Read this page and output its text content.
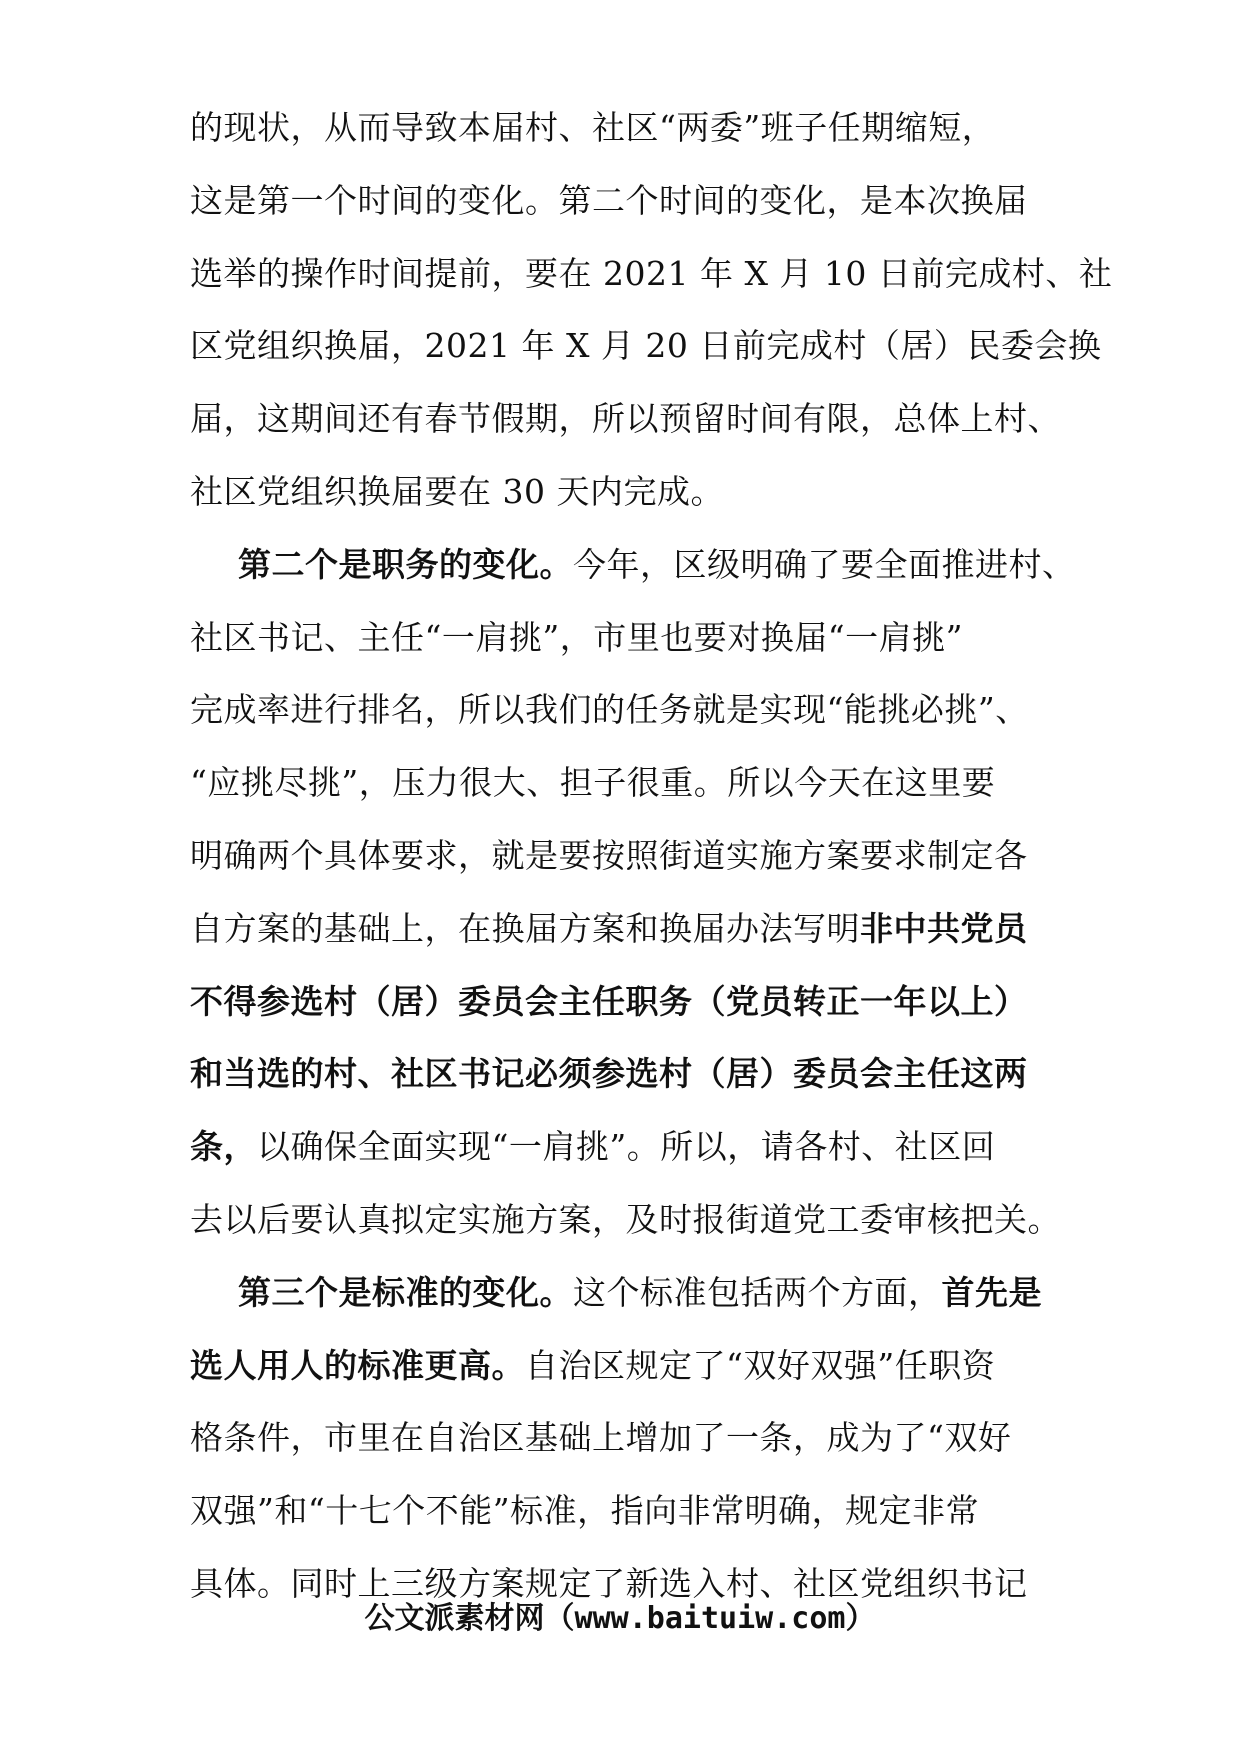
的现状，从而导致本届村、社区“两委”班子任期缩短，
这是第一个时间的变化。第二个时间的变化，是本次换届
选举的操作时间提前，要在 2021 年 X 月 10 日前完成村、社
区党组织换届，2021 年 X 月 20 日前完成村（居）民委会换
届，这期间还有春节假期，所以预留时间有限，总体上村、
社区党组织换届要在 30 天内完成。
第二个是职务的变化。今年，区级明确了要全面推进村、
社区书记、主任“一肩挑”，市里也要对换届“一肩挑”
完成率进行排名，所以我们的任务就是实现“能挑必挑”、
“应挑尽挑”，压力很大、担子很重。所以今天在这里要
明确两个具体要求，就是要按照街道实施方案要求制定各
自方案的基础上，在换届方案和换届办法写明非中共党员
不得参选村（居）委员会主任职务（党员转正一年以上）
和当选的村、社区书记必须参选村（居）委员会主任这两
条，以确保全面实现“一肩挑”。所以，请各村、社区回
去以后要认真拟定实施方案，及时报街道党工委审核把关。
第三个是标准的变化。这个标准包括两个方面，首先是
选人用人的标准更高。自治区规定了“双好双强”任职资
格条件，市里在自治区基础上增加了一条，成为了“双好
双强”和“十七个不能”标准，指向非常明确，规定非常
具体。同时上三级方案规定了新选入村、社区党组织书记
公文派素材网（www.baituiw.com）
